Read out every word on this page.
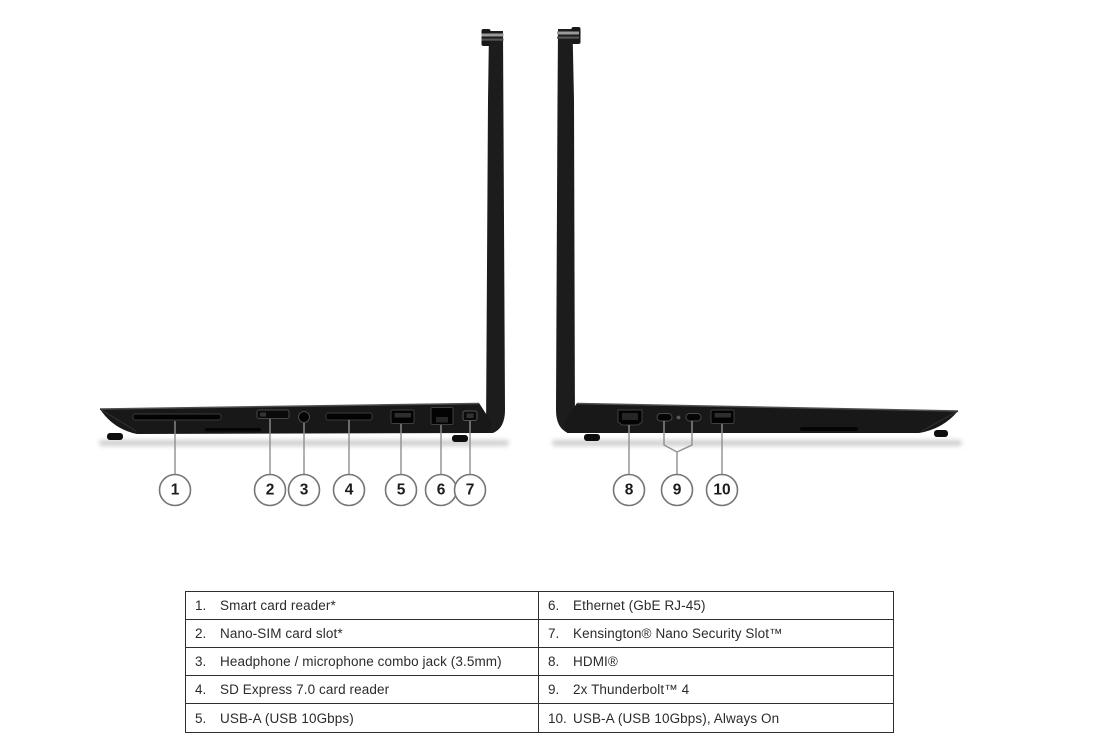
1	2 3 4	5 6 7	8	9 10
1.	Smart card reader*	6.	Ethernet (GbE RJ-45)
2.	Nano-SIM card slot*	7.	Kensington® Nano Security Slot™
3.	Headphone / microphone combo jack (3.5mm)	8.	HDMI®
4.	SD Express 7.0 card reader	9.	2x Thunderbolt™ 4
5.	USB-A (USB 10Gbps)	10. USB-A (USB 10Gbps), Always On
